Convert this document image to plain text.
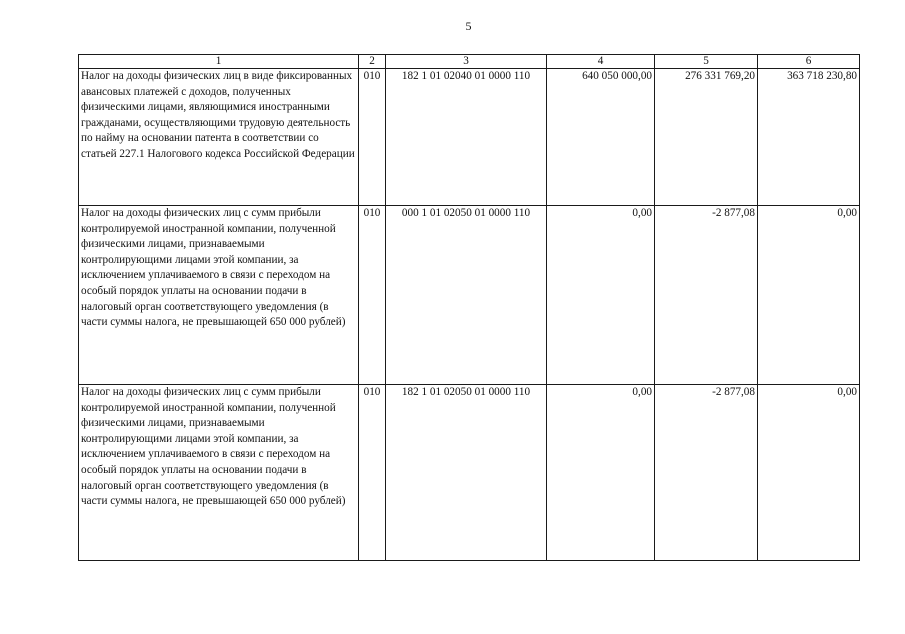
5
1	2	3	4	5	6
Налог на доходы физических лиц в виде фиксированных авансовых платежей с доходов, полученных физическими лицами, являющимися иностранными гражданами, осуществляющими трудовую деятельность по найму на основании патента в соответствии со статьей 227.1 Налогового кодекса Российской Федерации	010	182 1 01 02040 01 0000 110	640 050 000,00	276 331 769,20	363 718 230,80
Налог на доходы физических лиц с сумм прибыли контролируемой иностранной компании, полученной физическими лицами, признаваемыми контролирующими лицами этой компании, за исключением уплачиваемого в связи с переходом на особый порядок уплаты на основании подачи в налоговый орган соответствующего уведомления (в части суммы налога, не превышающей 650 000 рублей)	010	000 1 01 02050 01 0000 110	0,00	-2 877,08	0,00
Налог на доходы физических лиц с сумм прибыли контролируемой иностранной компании, полученной физическими лицами, признаваемыми контролирующими лицами этой компании, за исключением уплачиваемого в связи с переходом на особый порядок уплаты на основании подачи в налоговый орган соответствующего уведомления (в части суммы налога, не превышающей 650 000 рублей)	010	182 1 01 02050 01 0000 110	0,00	-2 877,08	0,00
